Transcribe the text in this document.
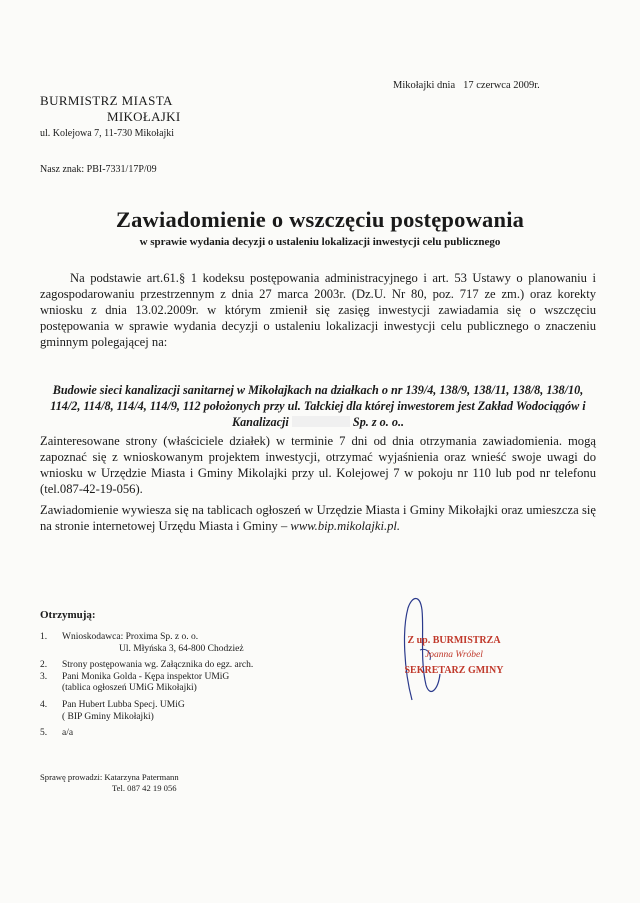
Mikołajki dnia 17 czerwca 2009r.
BURMISTRZ MIASTA
MIKOŁAJKI
ul. Kolejowa 7, 11-730 Mikołajki
Nasz znak: PBI-7331/17P/09
Zawiadomienie o wszczęciu postępowania
w sprawie wydania decyzji o ustaleniu lokalizacji inwestycji celu publicznego
Na podstawie art.61.§ 1 kodeksu postępowania administracyjnego i art. 53 Ustawy o planowaniu i zagospodarowaniu przestrzennym z dnia 27 marca 2003r. (Dz.U. Nr 80, poz. 717 ze zm.) oraz korekty wniosku z dnia 13.02.2009r. w którym zmienił się zasięg inwestycji zawiadamia się o wszczęciu postępowania w sprawie wydania decyzji o ustaleniu lokalizacji inwestycji celu publicznego o znaczeniu gminnym polegającej na:
Budowie sieci kanalizacji sanitarnej w Mikołajkach na działkach o nr 139/4, 138/9, 138/11, 138/8, 138/10, 114/2, 114/8, 114/4, 114/9, 112 położonych przy ul. Tałckiej dla której inwestorem jest Zakład Wodociągów i Kanalizacji	Sp. z o. o..
Zainteresowane strony (właściciele działek) w terminie 7 dni od dnia otrzymania zawiadomienia. mogą zapoznać się z wnioskowanym projektem inwestycji, otrzymać wyjaśnienia oraz wnieść swoje uwagi do wniosku w Urzędzie Miasta i Gminy Mikolajki przy ul. Kolejowej 7 w pokoju nr 110 lub pod nr telefonu (tel.087-42-19-056).
Zawiadomienie wywiesza się na tablicach ogłoszeń w Urzędzie Miasta i Gminy Mikołajki oraz umieszcza się na stronie internetowej Urzędu Miasta i Gminy – www.bip.mikolajki.pl.
Otrzymują:
1.	Wnioskodawca: Proxima Sp. z o. o.
Ul. Młyńska 3, 64-800 Chodzież
2.	Strony postępowania wg. Załącznika do egz. arch.
3.	Pani Monika Golda - Kępa inspektor UMiG
(tablica ogłoszeń UMiG Mikołajki)
4.	Pan Hubert Lubba Specj. UMiG
( BIP Gminy Mikołajki)
5.	a/a
Z up. BURMISTRZA
Joanna Wróbel
SEKRETARZ GMINY
Sprawę prowadzi: Katarzyna Patermann
Tel. 087 42 19 056
